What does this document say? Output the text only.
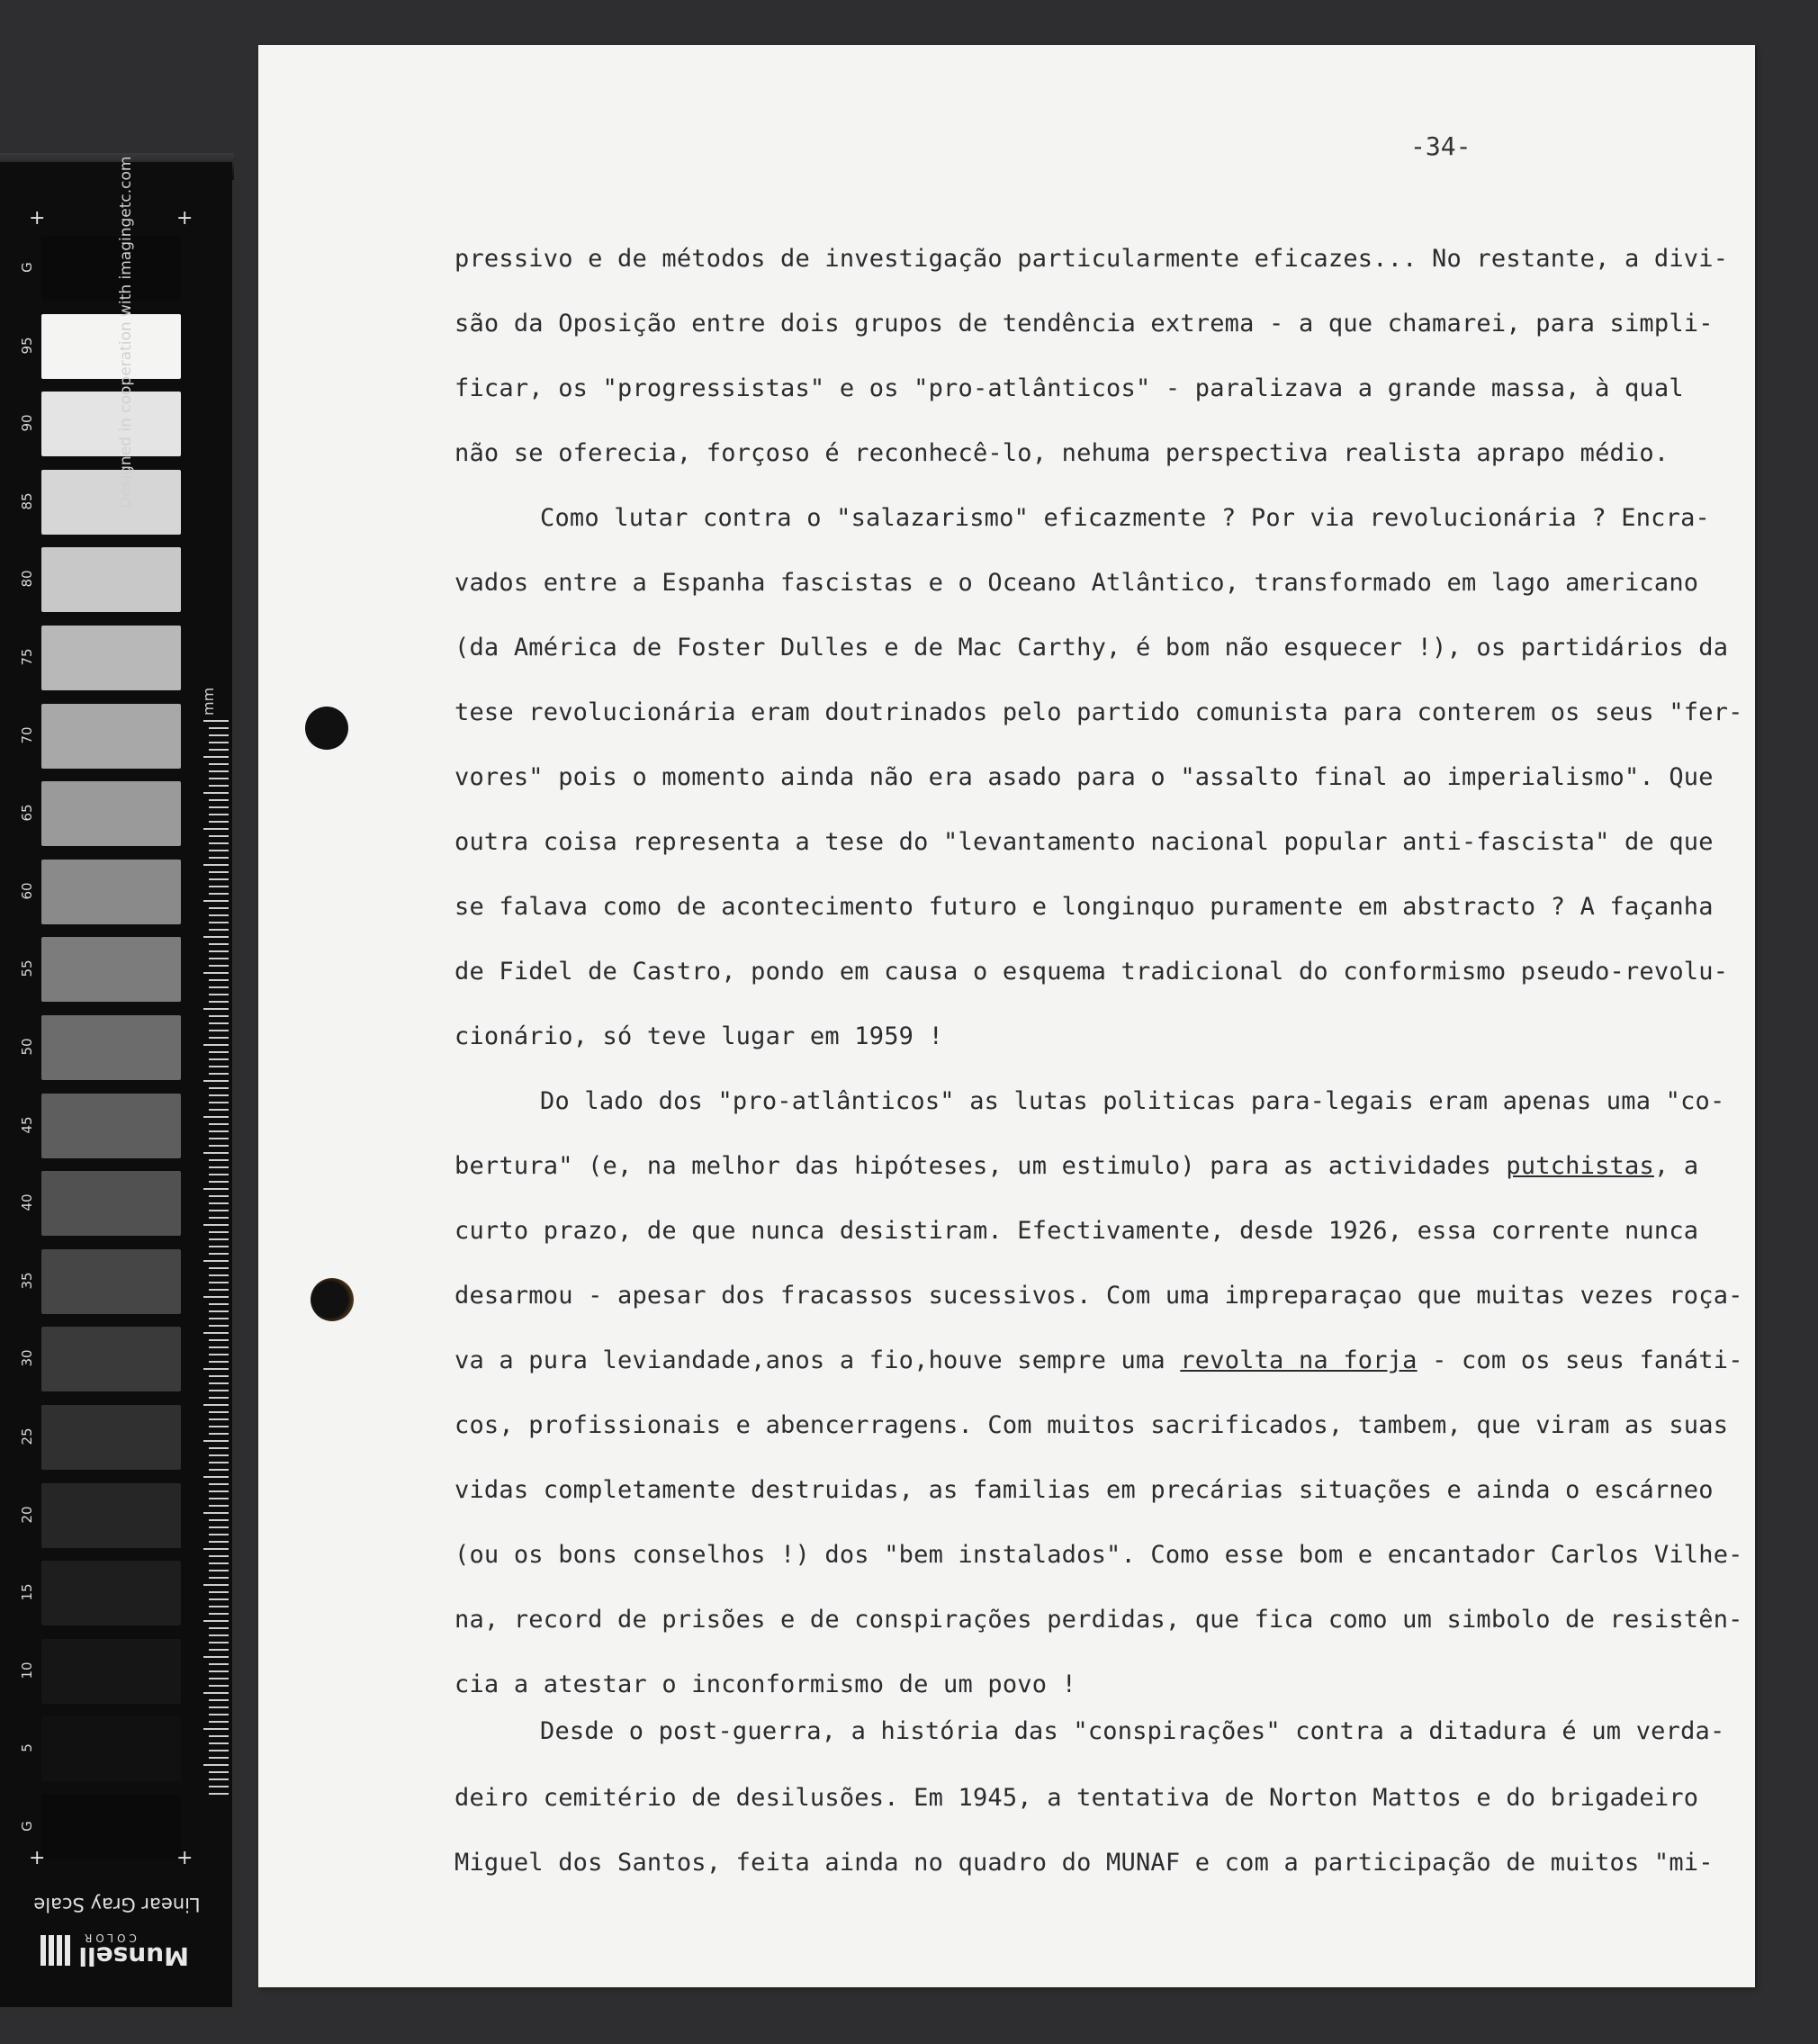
G
95
90
85
80
75
70
65
60
55
50
45
40
35
30
25
20
15
10
5
G
+	+
+	+
Designed in cooperation with imagingetc.com
mm
Linear Gray Scale
Munsell
COLOR
-34-
pressivo e de métodos de investigação particularmente eficazes... No restante, a divi-
são da Oposição entre dois grupos de tendência extrema - a que chamarei, para simpli-
ficar, os "progressistas" e os "pro-atlânticos" - paralizava a grande massa, à qual
não se oferecia, forçoso é reconhecê-lo, nehuma perspectiva realista aprapo médio.
Como lutar contra o "salazarismo" eficazmente ? Por via revolucionária ? Encra-
vados entre a Espanha fascistas e o Oceano Atlântico, transformado em lago americano
(da América de Foster Dulles e de Mac Carthy, é bom não esquecer !), os partidários da
tese revolucionária eram doutrinados pelo partido comunista para conterem os seus "fer-
vores" pois o momento ainda não era asado para o "assalto final ao imperialismo". Que
outra coisa representa a tese do "levantamento nacional popular anti-fascista" de que
se falava como de acontecimento futuro e longinquo puramente em abstracto ? A façanha
de Fidel de Castro, pondo em causa o esquema tradicional do conformismo pseudo-revolu-
cionário, só teve lugar em 1959 !
Do lado dos "pro-atlânticos" as lutas politicas para-legais eram apenas uma "co-
bertura" (e, na melhor das hipóteses, um estimulo) para as actividades putchistas, a
curto prazo, de que nunca desistiram. Efectivamente, desde 1926, essa corrente nunca
desarmou - apesar dos fracassos sucessivos. Com uma impreparaçao que muitas vezes roça-
va a pura leviandade,anos a fio,houve sempre uma revolta na forja - com os seus fanáti-
cos, profissionais e abencerragens. Com muitos sacrificados, tambem, que viram as suas
vidas completamente destruidas, as familias em precárias situações e ainda o escárneo
(ou os bons conselhos !) dos "bem instalados". Como esse bom e encantador Carlos Vilhe-
na, record de prisões e de conspirações perdidas, que fica como um simbolo de resistên-
cia a atestar o inconformismo de um povo !
Desde o post-guerra, a história das "conspirações" contra a ditadura é um verda-
deiro cemitério de desilusões. Em 1945, a tentativa de Norton Mattos e do brigadeiro
Miguel dos Santos, feita ainda no quadro do MUNAF e com a participação de muitos "mi-
